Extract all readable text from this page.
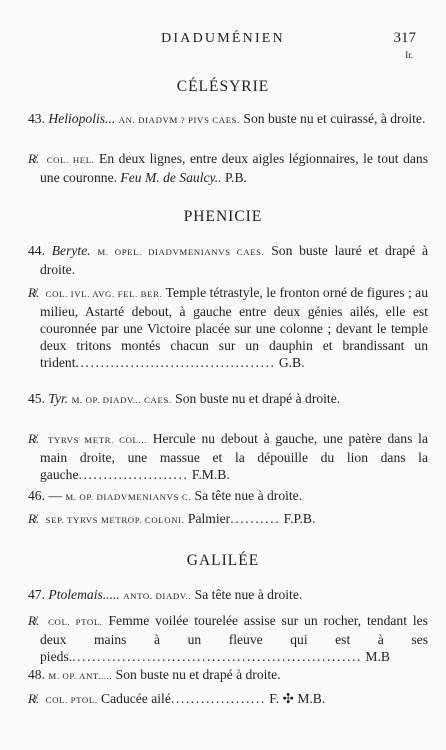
DIADUMÉNIEN	317
Ir.
CÉLÉSYRIE
43. Heliopolis... AN. DIADVM ? PIVS CAES. Son buste nu et cuirassé, à droite.
R̸. COL. HEL. En deux lignes, entre deux aigles légionnaires, le tout dans une couronne. Feu M. de Saulcy.. P.B.
PHENICIE
44. Beryte. M. OPEL. DIADVMENIANVS CAES. Son buste lauré et drapé à droite.
R̸. COL. IVL. AVG. FEL. BER. Temple tétrastyle, le fronton orné de figures ; au milieu, Astarté debout, à gauche entre deux génies ailés, elle est couronnée par une Victoire placée sur une colonne ; devant le temple deux tritons montés chacun sur un dauphin et brandissant un trident........................................ G.B.
45. Tyr. M. OP. DIADV... CAES. Son buste nu et drapé à droite.
R̸. TYRVS METR. COL... Hercule nu debout à gauche, une patère dans la main droite, une massue et la dépouille du lion dans la gauche...................... F.M.B.
46. — M. OP. DIADVMENIANVS C. Sa tête nue à droite.
R̸. SEP. TYRVS METROP. COLONI. Palmier.......... F.P.B.
GALILÉE
47. Ptolemais..... ANTO. DIADV.. Sa tête nue à droite.
R̸. COL. PTOL. Femme voilée tourelée assise sur un rocher, tendant les deux mains à un fleuve qui est à ses pieds........................................................... M.B
48. M. OP. ANT..... Son buste nu et drapé à droite.
R̸. COL. PTOL. Caducée ailé................... F. ✣ M.B.
